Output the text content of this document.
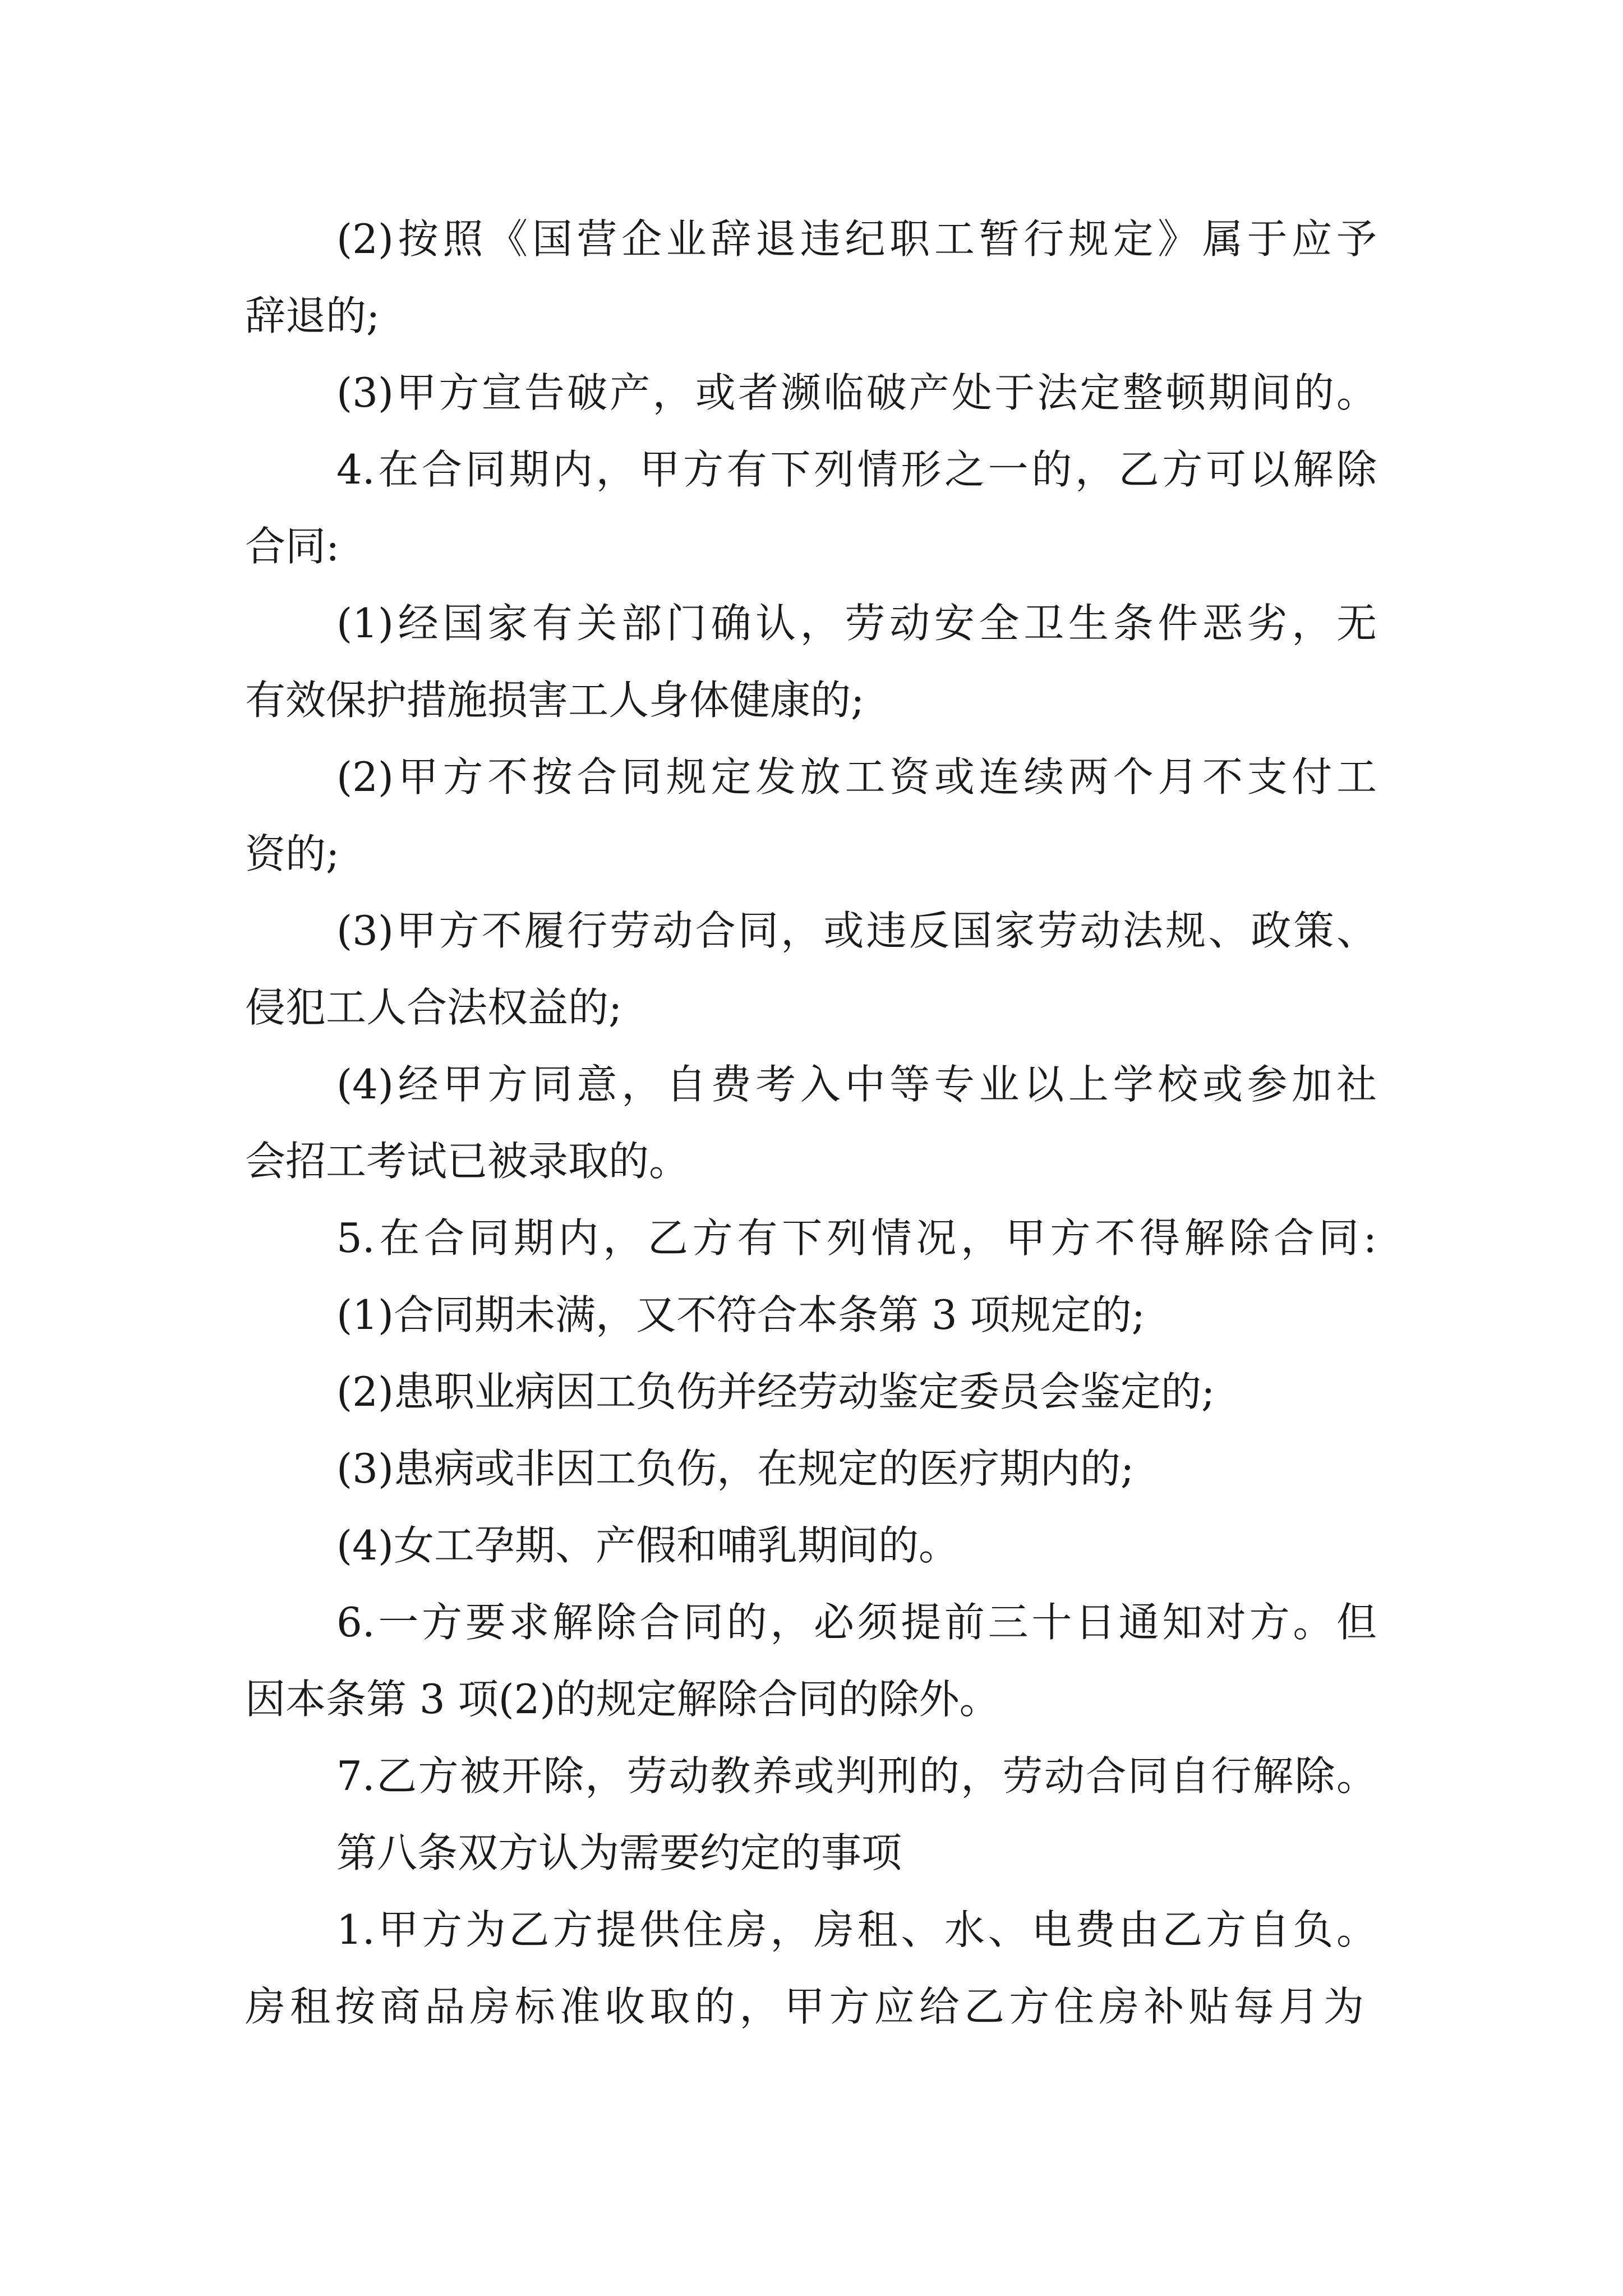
(2)按照《国营企业辞退违纪职工暂行规定》属于应予
辞退的;
(3)甲方宣告破产，或者濒临破产处于法定整顿期间的。
4.在合同期内，甲方有下列情形之一的，乙方可以解除
合同:
(1)经国家有关部门确认，劳动安全卫生条件恶劣，无
有效保护措施损害工人身体健康的;
(2)甲方不按合同规定发放工资或连续两个月不支付工
资的;
(3)甲方不履行劳动合同，或违反国家劳动法规、政策、
侵犯工人合法权益的;
(4)经甲方同意，自费考入中等专业以上学校或参加社
会招工考试已被录取的。
5.在合同期内，乙方有下列情况，甲方不得解除合同:
(1)合同期未满，又不符合本条第 3 项规定的;
(2)患职业病因工负伤并经劳动鉴定委员会鉴定的;
(3)患病或非因工负伤，在规定的医疗期内的;
(4)女工孕期、产假和哺乳期间的。
6.一方要求解除合同的，必须提前三十日通知对方。但
因本条第 3 项(2)的规定解除合同的除外。
7.乙方被开除，劳动教养或判刑的，劳动合同自行解除。
第八条双方认为需要约定的事项
1.甲方为乙方提供住房，房租、水、电费由乙方自负。
房租按商品房标准收取的，甲方应给乙方住房补贴每月为
